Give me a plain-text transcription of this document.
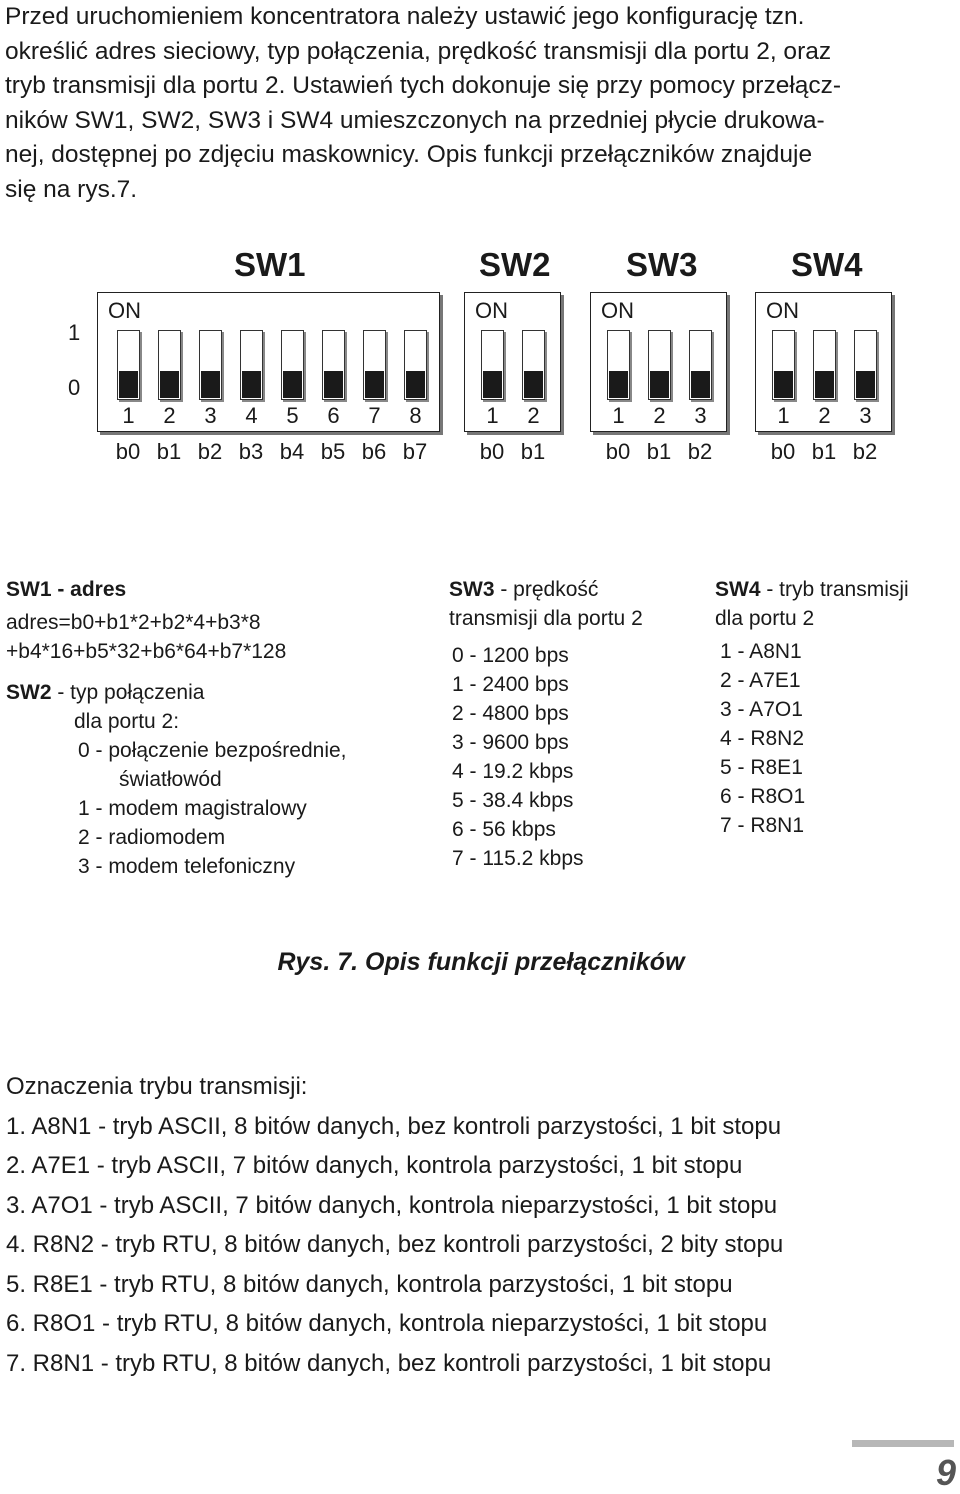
Przed uruchomieniem koncentratora należy ustawić jego konfigurację tzn.
określić adres sieciowy, typ połączenia, prędkość transmisji dla portu 2, oraz
tryb transmisji dla portu 2. Ustawień tych dokonuje się przy pomocy przełącz-
ników SW1, SW2, SW3 i SW4 umieszczonych na przedniej płycie drukowa-
nej, dostępnej po zdjęciu maskownicy. Opis funkcji przełączników znajduje
się na rys.7.
1
0
SW1	SW2 SW3	SW4
ON
1 2 3 4 5 6 7 8
b0 b1 b2 b3 b4 b5 b6 b7
ON
1 2
b0 b1
ON
1 2 3
b0 b1 b2
ON
1 2 3
b0 b1 b2
SW1 - adres
adres=b0+b1*2+b2*4+b3*8
+b4*16+b5*32+b6*64+b7*128
SW2 - typ połączenia
dla portu 2:
0 - połączenie bezpośrednie,
światłowód
1 - modem magistralowy
2 - radiomodem
3 - modem telefoniczny
SW3 - prędkość
transmisji dla portu 2
0 - 1200 bps
1 - 2400 bps
2 - 4800 bps
3 - 9600 bps
4 - 19.2 kbps
5 - 38.4 kbps
6 - 56 kbps
7 - 115.2 kbps
SW4 - tryb transmisji
dla portu 2
1 - A8N1
2 - A7E1
3 - A7O1
4 - R8N2
5 - R8E1
6 - R8O1
7 - R8N1
Rys. 7. Opis funkcji przełączników
Oznaczenia trybu transmisji:
1. A8N1 - tryb ASCII, 8 bitów danych, bez kontroli parzystości, 1 bit stopu
2. A7E1 - tryb ASCII, 7 bitów danych, kontrola parzystości, 1 bit stopu
3. A7O1 - tryb ASCII, 7 bitów danych, kontrola nieparzystości, 1 bit stopu
4. R8N2 - tryb RTU, 8 bitów danych, bez kontroli parzystości, 2 bity stopu
5. R8E1 - tryb RTU, 8 bitów danych, kontrola parzystości, 1 bit stopu
6. R8O1 - tryb RTU, 8 bitów danych, kontrola nieparzystości, 1 bit stopu
7. R8N1 - tryb RTU, 8 bitów danych, bez kontroli parzystości, 1 bit stopu
9
